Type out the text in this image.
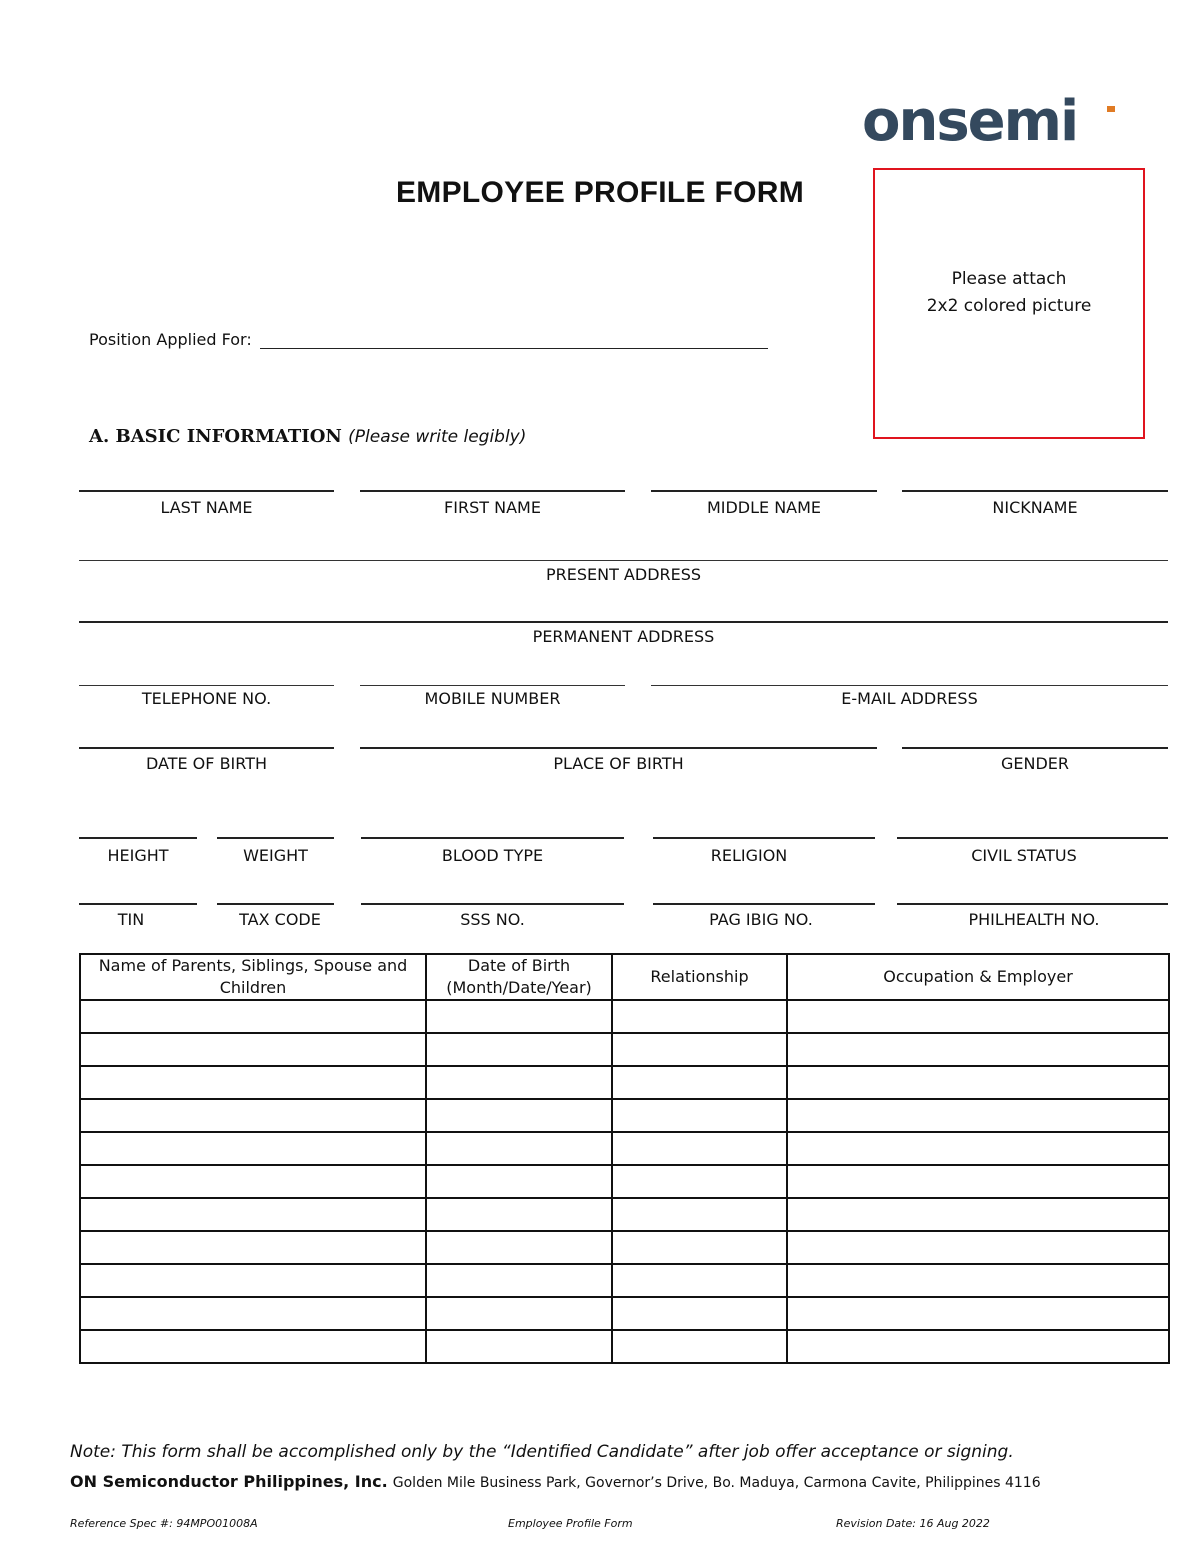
onsemi
EMPLOYEE PROFILE FORM
Please attach
2x2 colored picture
Position Applied For:
A. BASIC INFORMATION (Please write legibly)
LAST NAME	FIRST NAME	MIDDLE NAME	NICKNAME
PRESENT ADDRESS
PERMANENT ADDRESS
TELEPHONE NO.	MOBILE NUMBER	E-MAIL ADDRESS
DATE OF BIRTH	PLACE OF BIRTH	GENDER
HEIGHT	WEIGHT	BLOOD TYPE	RELIGION	CIVIL STATUS
TIN	TAX CODE	SSS NO.	PAG IBIG NO.	PHILHEALTH NO.
Name of Parents, Siblings, Spouse and Children	Date of Birth (Month/Date/Year)	Relationship	Occupation & Employer

Note: This form shall be accomplished only by the “Identified Candidate” after job offer acceptance or signing.
ON Semiconductor Philippines, Inc. Golden Mile Business Park, Governor’s Drive, Bo. Maduya, Carmona Cavite, Philippines 4116
Reference Spec #: 94MPO01008A	Employee Profile Form	Revision Date: 16 Aug 2022
